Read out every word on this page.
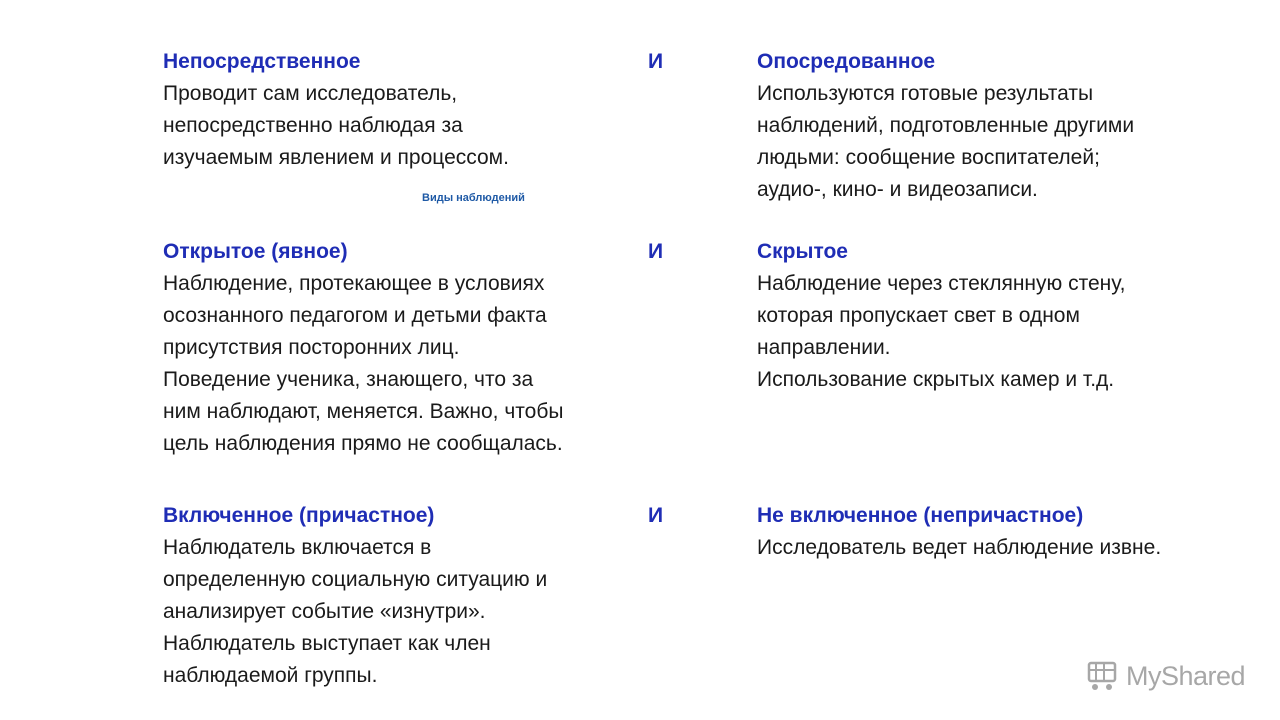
Непосредственное
Проводит сам исследователь,
непосредственно наблюдая за
изучаемым явлением и процессом.
И	Опосредованное
Используются готовые результаты
наблюдений, подготовленные другими
людьми: сообщение воспитателей;
аудио-, кино- и видеозаписи.
Виды наблюдений
Открытое (явное)
Наблюдение, протекающее в условиях
осознанного педагогом и детьми факта
присутствия посторонних лиц.
Поведение ученика, знающего, что за
ним наблюдают, меняется. Важно, чтобы
цель наблюдения прямо не сообщалась.
И	Скрытое
Наблюдение через стеклянную стену,
которая пропускает свет в одном
направлении.
Использование скрытых камер и т.д.
Включенное (причастное)
Наблюдатель включается в
определенную социальную ситуацию и
анализирует событие «изнутри».
Наблюдатель выступает как член
наблюдаемой группы.
И	Не включенное (непричастное)
Исследователь ведет наблюдение извне.
MyShared
